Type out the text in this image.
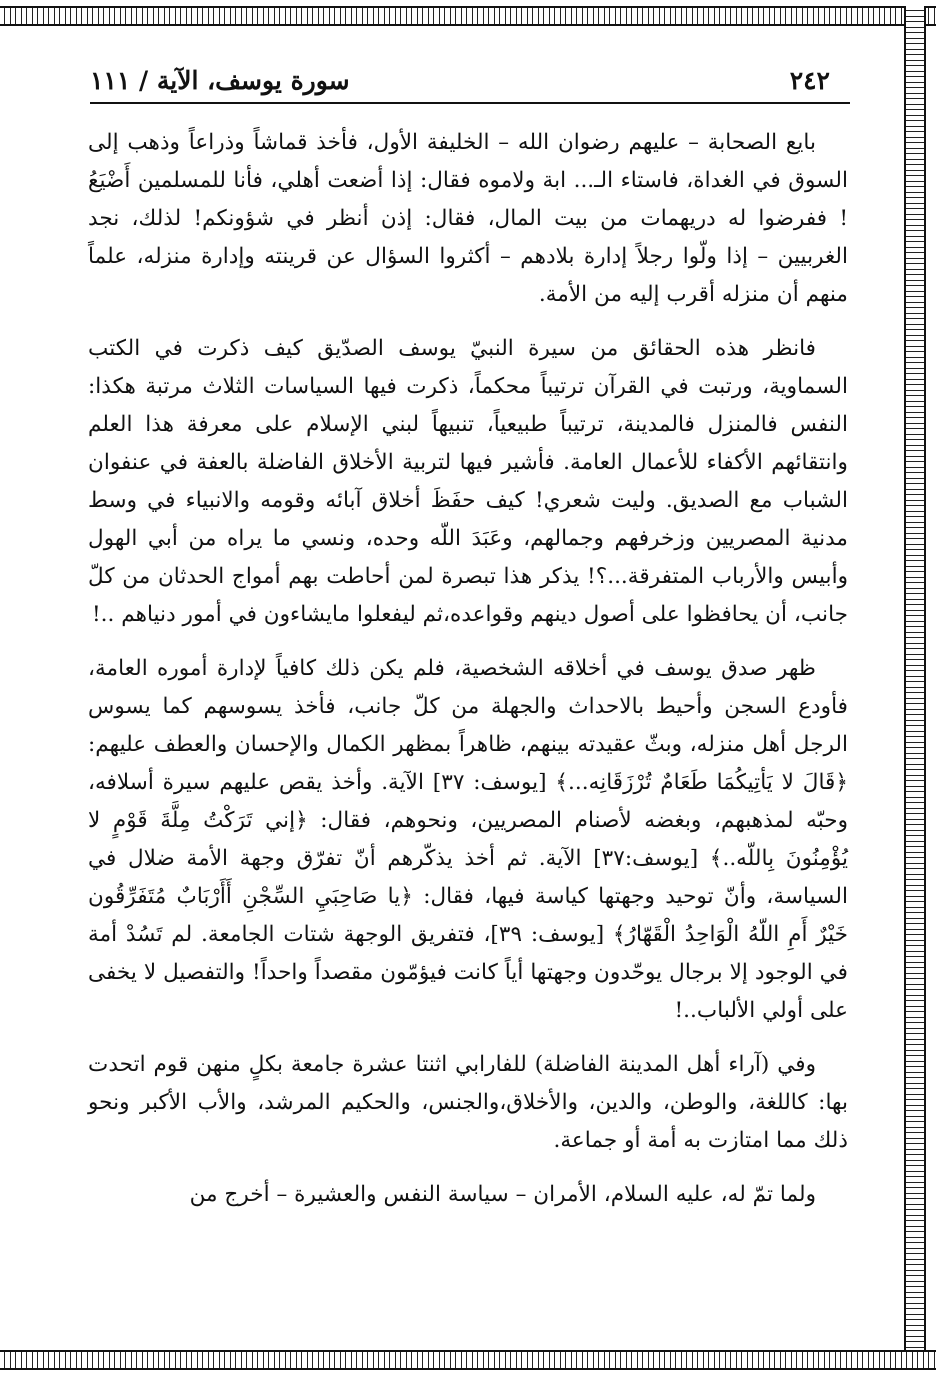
٢٤٢
سورة يوسف، الآية / ١١١

بايع الصحابة – عليهم رضوان الله – الخليفة الأول، فأخذ قماشاً وذراعاً وذهب إلى السوق في الغداة، فاستاء الـ... ابة ولاموه فقال: إذا أضعت أهلي، فأنا للمسلمين أَضْيَعُ ! ففرضوا له دريهمات من بيت المال، فقال: إذن أنظر في شؤونكم! لذلك، نجد الغربيين – إذا ولّوا رجلاً إدارة بلادهم – أكثروا السؤال عن قرينته وإدارة منزله، علماً منهم أن منزله أقرب إليه من الأمة.

فانظر هذه الحقائق من سيرة النبيّ يوسف الصدّيق كيف ذكرت في الكتب السماوية، ورتبت في القرآن ترتيباً محكماً، ذكرت فيها السياسات الثلاث مرتبة هكذا: النفس فالمنزل فالمدينة، ترتيباً طبيعياً، تنبيهاً لبني الإسلام على معرفة هذا العلم وانتقائهم الأكفاء للأعمال العامة. فأشير فيها لتربية الأخلاق الفاضلة بالعفة في عنفوان الشباب مع الصديق. وليت شعري! كيف حفَظَ أخلاق آبائه وقومه والانبياء في وسط مدنية المصريين وزخرفهم وجمالهم، وعَبَدَ اللّه وحده، ونسي ما يراه من أبي الهول وأبيس والأرباب المتفرقة...؟! يذكر هذا تبصرة لمن أحاطت بهم أمواج الحدثان من كلّ جانب، أن يحافظوا على أصول دينهم وقواعده،ثم ليفعلوا مايشاءون في أمور دنياهم ..!

ظهر صدق يوسف في أخلاقه الشخصية، فلم يكن ذلك كافياً لإدارة أموره العامة، فأودع السجن وأحيط بالاحداث والجهلة من كلّ جانب، فأخذ يسوسهم كما يسوس الرجل أهل منزله، وبثّ عقيدته بينهم، ظاهراً بمظهر الكمال والإحسان والعطف عليهم: ﴿قَالَ لا يَأتِيكُمَا طَعَامٌ تُرْزَقَانِه...﴾ [يوسف: ٣٧] الآية. وأخذ يقص عليهم سيرة أسلافه، وحبّه لمذهبهم، وبغضه لأصنام المصريين، ونحوهم، فقال: ﴿إني تَرَكْتُ مِلَّةَ قَوْمٍ لا يُؤْمِنُونَ بِاللّه..﴾ [يوسف:٣٧] الآية. ثم أخذ يذكّرهم أنّ تفرّق وجهة الأمة ضلال في السياسة، وأنّ توحيد وجهتها كياسة فيها، فقال: ﴿يا صَاحِبَيِ السِّجْنِ أَأَرْبَابٌ مُتَفَرِّقُون خَيْرٌ أَمِ اللّهُ الْوَاحِدُ الْقَهّارُ﴾ [يوسف: ٣٩]، فتفريق الوجهة شتات الجامعة. لم تَسُدْ أمة في الوجود إلا برجال يوحّدون وجهتها أياً كانت فيؤمّون مقصداً واحداً! والتفصيل لا يخفى على أولي الألباب..!

وفي (آراء أهل المدينة الفاضلة) للفارابي اثنتا عشرة جامعة بكلٍ منهن قوم اتحدت بها: كاللغة، والوطن، والدين، والأخلاق،والجنس، والحكيم المرشد، والأب الأكبر ونحو ذلك مما امتازت به أمة أو جماعة.

ولما تمّ له، عليه السلام، الأمران – سياسة النفس والعشيرة – أخرج من
